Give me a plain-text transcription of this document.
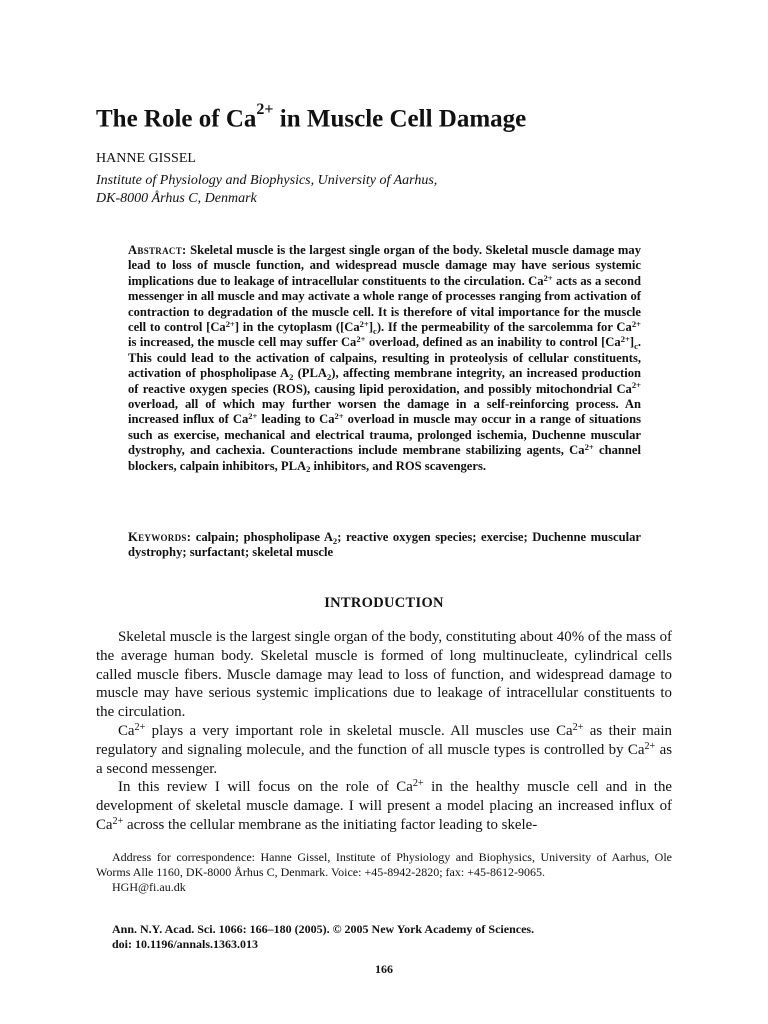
The Role of $Ca^{2+}$ in Muscle Cell Damage
HANNE GISSEL
Institute of Physiology and Biophysics, University of Aarhus,
DK-8000 Århus C, Denmark

Abstract: Skeletal muscle is the largest single organ of the body. Skeletal muscle damage may lead to loss of muscle function, and widespread muscle damage may have serious systemic implications due to leakage of intracellular constituents to the circulation. $Ca^{2+}$ acts as a second messenger in all muscle and may activate a whole range of processes ranging from activation of contraction to degradation of the muscle cell. It is therefore of vital importance for the muscle cell to control $[Ca^{2+}]$ in the cytoplasm $([Ca^{2+}]_c)$. If the permeability of the sarcolemma for $Ca^{2+}$ is increased, the muscle cell may suffer $Ca^{2+}$ overload, defined as an inability to control $[Ca^{2+}]_c$. This could lead to the activation of calpains, resulting in proteolysis of cellular constituents, activation of phospholipase $A_2$ $(PLA_2)$, affecting membrane integrity, an increased production of reactive oxygen species (ROS), causing lipid peroxidation, and possibly mitochondrial $Ca^{2+}$ overload, all of which may further worsen the damage in a self-reinforcing process. An increased influx of $Ca^{2+}$ leading to $Ca^{2+}$ overload in muscle may occur in a range of situations such as exercise, mechanical and electrical trauma, prolonged ischemia, Duchenne muscular dystrophy, and cachexia. Counteractions include membrane stabilizing agents, $Ca^{2+}$ channel blockers, calpain inhibitors, $PLA_2$ inhibitors, and ROS scavengers.

Keywords: calpain; phospholipase $A_2$; reactive oxygen species; exercise; Duchenne muscular dystrophy; surfactant; skeletal muscle

INTRODUCTION

Skeletal muscle is the largest single organ of the body, constituting about 40% of the mass of the average human body. Skeletal muscle is formed of long multinucleate, cylindrical cells called muscle fibers. Muscle damage may lead to loss of function, and widespread damage to muscle may have serious systemic implications due to leakage of intracellular constituents to the circulation.

$Ca^{2+}$ plays a very important role in skeletal muscle. All muscles use $Ca^{2+}$ as their main regulatory and signaling molecule, and the function of all muscle types is controlled by $Ca^{2+}$ as a second messenger.

In this review I will focus on the role of $Ca^{2+}$ in the healthy muscle cell and in the development of skeletal muscle damage. I will present a model placing an increased influx of $Ca^{2+}$ across the cellular membrane as the initiating factor leading to skele-

Address for correspondence: Hanne Gissel, Institute of Physiology and Biophysics, University of Aarhus, Ole Worms Alle 1160, DK-8000 Århus C, Denmark. Voice: +45-8942-2820; fax: +45-8612-9065.

HGH@fi.au.dk

Ann. N.Y. Acad. Sci. 1066: 166–180 (2005). © 2005 New York Academy of Sciences.
doi: 10.1196/annals.1363.013
166
